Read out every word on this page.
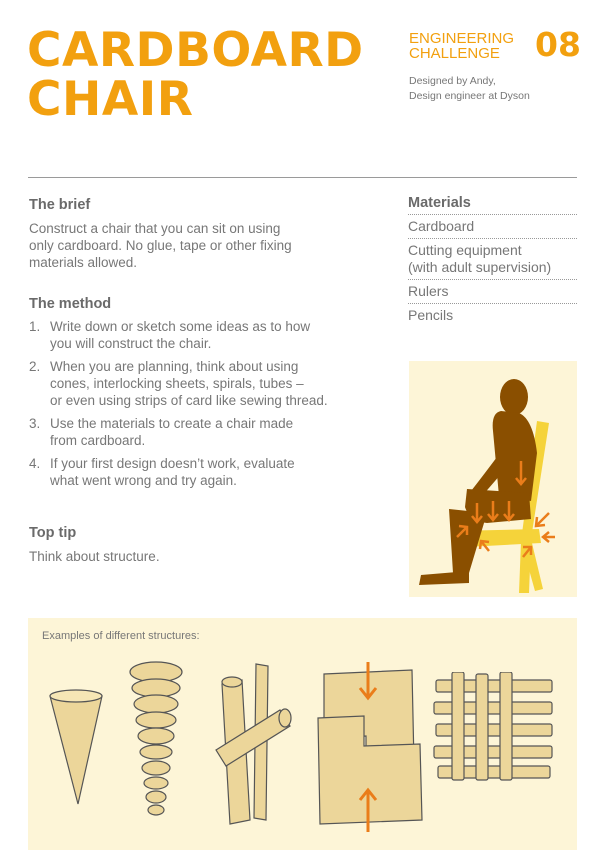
CARDBOARD
CHAIR
ENGINEERING
CHALLENGE	08
Designed by Andy,
Design engineer at Dyson
The brief
Construct a chair that you can sit on using
only cardboard. No glue, tape or other fixing
materials allowed.
The method
1. Write down or sketch some ideas as to how
you will construct the chair.
2. When you are planning, think about using
cones, interlocking sheets, spirals, tubes –
or even using strips of card like sewing thread.
3. Use the materials to create a chair made
from cardboard.
4. If your first design doesn’t work, evaluate
what went wrong and try again.
Top tip
Think about structure.
Materials
Cardboard
Cutting equipment
(with adult supervision)
Rulers
Pencils
Examples of different structures:
